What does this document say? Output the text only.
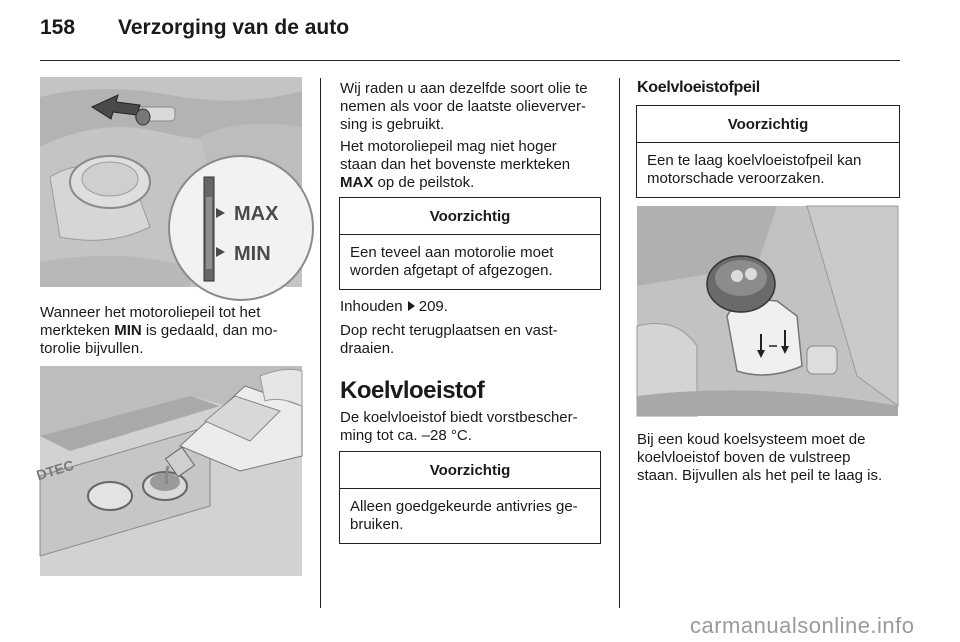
158 Verzorging van de auto
MAX
MIN

Wanneer het motoroliepeil tot het

merkteken MIN is gedaald, dan mo-

torolie bijvullen.

DTEC

Wij raden u aan dezelfde soort olie te

nemen als voor de laatste olieverver-

sing is gebruikt.

Het motoroliepeil mag niet hoger

staan dan het bovenste merkteken

MAX op de peilstok.

Voorzichtig
Een teveel aan motorolie moet
worden afgetapt of afgezogen.

Inhouden 209.

Dop recht terugplaatsen en vast-

draaien.

Koelvloeistof

De koelvloeistof biedt vorstbescher-

ming tot ca. –28 °C.

Voorzichtig
Alleen goedgekeurde antivries ge-
bruiken.
Koelvloeistofpeil
Voorzichtig
Een te laag koelvloeistofpeil kan
motorschade veroorzaken.

Bij een koud koelsysteem moet de

koelvloeistof boven de vulstreep

staan. Bijvullen als het peil te laag is.

carmanualsonline.info
